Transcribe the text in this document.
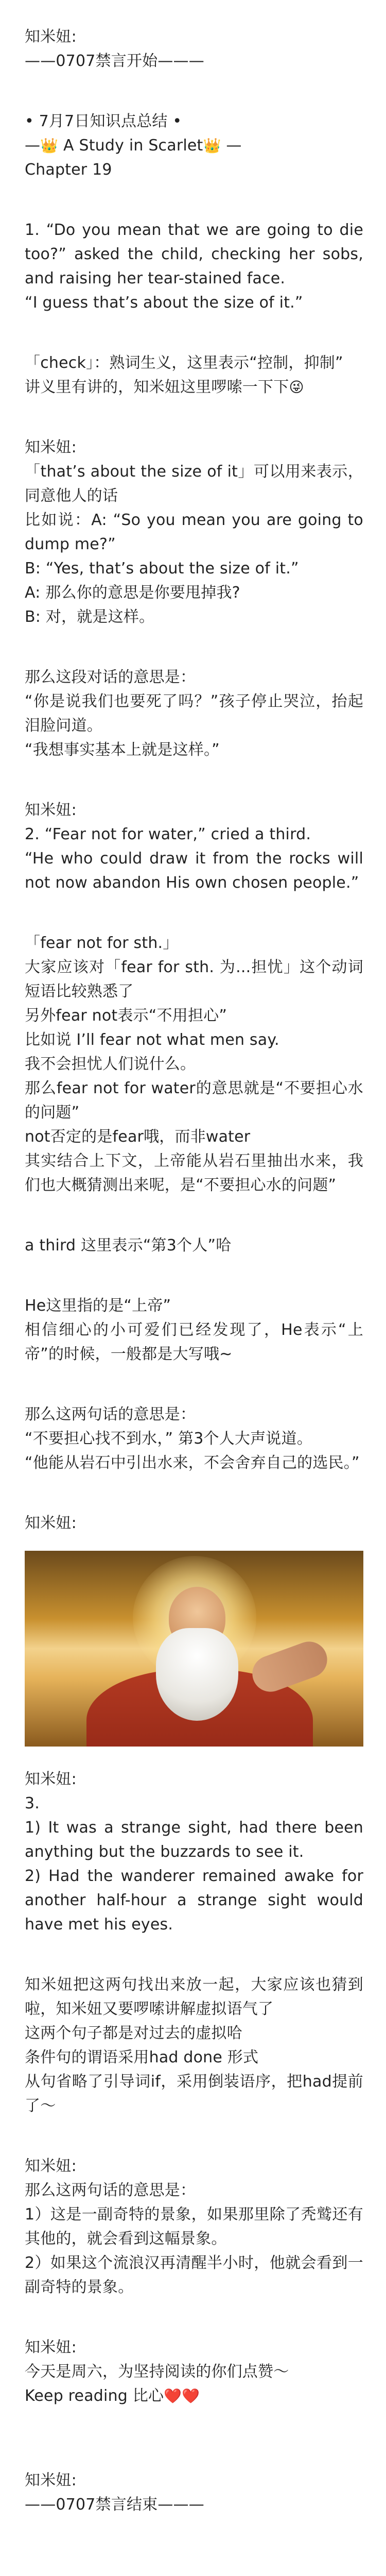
知米妞:
——0707禁言开始———
• 7月7日知识点总结 •
—👑 A Study in Scarlet👑 —
Chapter 19
1. “Do you mean that we are going to die too?” asked the child, checking her sobs, and raising her tear-stained face.
“I guess that’s about the size of it.”
「check」：熟词生义，这里表示“控制，抑制”
讲义里有讲的，知米妞这里啰嗦一下下😜
知米妞:
「that’s about the size of it」可以用来表示，同意他人的话
比如说：A: “So you mean you are going to dump me?”
B: “Yes, that’s about the size of it.”
A: 那么你的意思是你要甩掉我?
B: 对，就是这样。
那么这段对话的意思是：
“你是说我们也要死了吗？”孩子停止哭泣，抬起泪脸问道。
“我想事实基本上就是这样。”
知米妞:
2. “Fear not for water,” cried a third.
“He who could draw it from the rocks will not now abandon His own chosen people.”
「fear not for sth.」
大家应该对「fear for sth. 为...担忧」这个动词短语比较熟悉了
另外fear not表示“不用担心”
比如说 I’ll fear not what men say.
我不会担忧人们说什么。
那么fear not for water的意思就是“不要担心水的问题”
not否定的是fear哦，而非water
其实结合上下文，上帝能从岩石里抽出水来，我们也大概猜测出来呢，是“不要担心水的问题”
a third 这里表示“第3个人”哈
He这里指的是“上帝”
相信细心的小可爱们已经发现了，He表示“上帝”的时候，一般都是大写哦~
那么这两句话的意思是：
“不要担心找不到水，” 第3个人大声说道。
“他能从岩石中引出水来，不会舍弃自己的选民。”
知米妞:
知米妞:
3.
1) It was a strange sight, had there been anything but the buzzards to see it.
2) Had the wanderer remained awake for another half-hour a strange sight would have met his eyes.
知米妞把这两句找出来放一起，大家应该也猜到啦，知米妞又要啰嗦讲解虚拟语气了
这两个句子都是对过去的虚拟哈
条件句的谓语采用had done 形式
从句省略了引导词if，采用倒装语序，把had提前了～
知米妞:
那么这两句话的意思是：
1）这是一副奇特的景象，如果那里除了秃鹫还有其他的，就会看到这幅景象。
2）如果这个流浪汉再清醒半小时，他就会看到一副奇特的景象。
知米妞:
今天是周六，为坚持阅读的你们点赞～
Keep reading 比心❤️❤️
知米妞:
——0707禁言结束———
